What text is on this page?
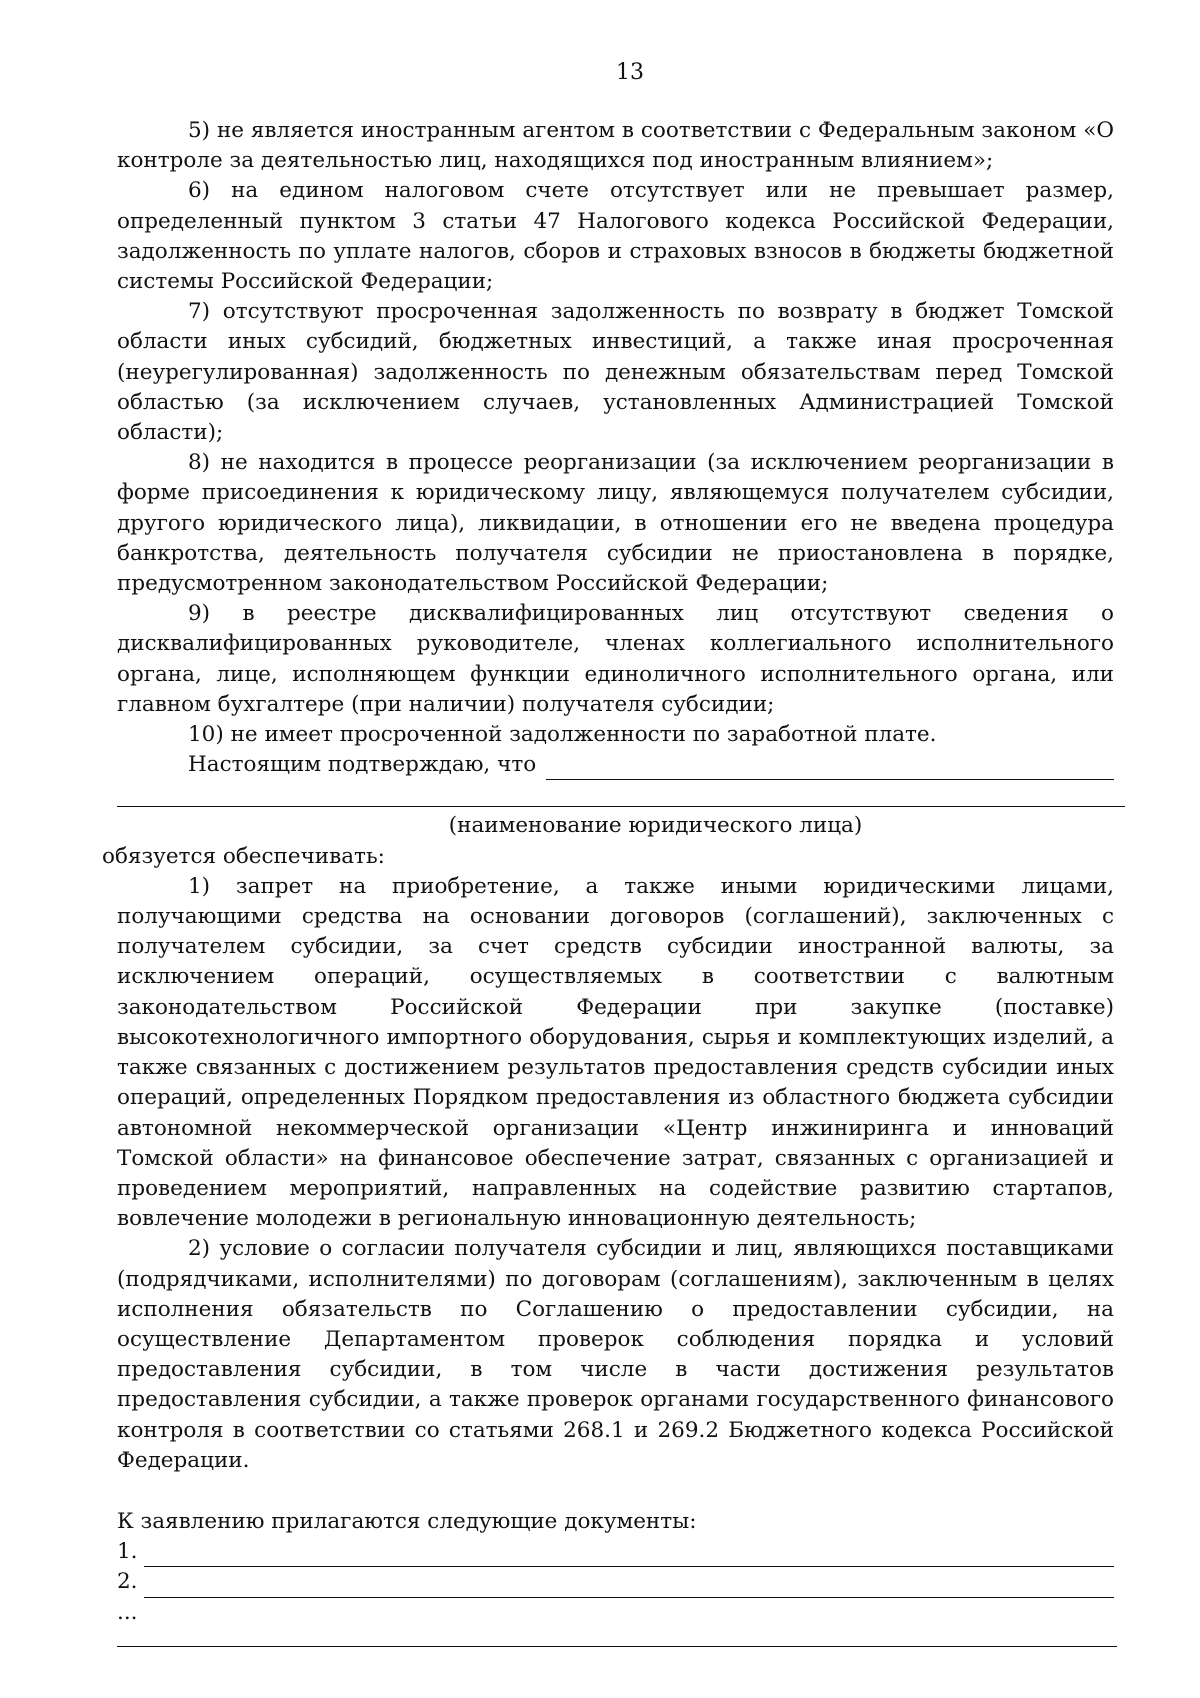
13

5) не является иностранным агентом в соответствии с Федеральным законом «О контроле за деятельностью лиц, находящихся под иностранным влиянием»;

6) на едином налоговом счете отсутствует или не превышает размер, определенный пунктом 3 статьи 47 Налогового кодекса Российской Федерации, задолженность по уплате налогов, сборов и страховых взносов в бюджеты бюджетной системы Российской Федерации;

7) отсутствуют просроченная задолженность по возврату в бюджет Томской области иных субсидий, бюджетных инвестиций, а также иная просроченная (неурегулированная) задолженность по денежным обязательствам перед Томской областью (за исключением случаев, установленных Администрацией Томской области);

8) не находится в процессе реорганизации (за исключением реорганизации в форме присоединения к юридическому лицу, являющемуся получателем субсидии, другого юридического лица), ликвидации, в отношении его не введена процедура банкротства, деятельность получателя субсидии не приостановлена в порядке, предусмотренном законодательством Российской Федерации;

9) в реестре дисквалифицированных лиц отсутствуют сведения о дисквалифицированных руководителе, членах коллегиального исполнительного органа, лице, исполняющем функции единоличного исполнительного органа, или главном бухгалтере (при наличии) получателя субсидии;

10) не имеет просроченной задолженности по заработной плате.

Настоящим подтверждаю, что
(наименование юридического лица)

обязуется обеспечивать:

1) запрет на приобретение, а также иными юридическими лицами, получающими средства на основании договоров (соглашений), заключенных с получателем субсидии, за счет средств субсидии иностранной валюты, за исключением операций, осуществляемых в соответствии с валютным законодательством Российской Федерации при закупке (поставке) высокотехнологичного импортного оборудования, сырья и комплектующих изделий, а также связанных с достижением результатов предоставления средств субсидии иных операций, определенных Порядком предоставления из областного бюджета субсидии автономной некоммерческой организации «Центр инжиниринга и инноваций Томской области» на финансовое обеспечение затрат, связанных с организацией и проведением мероприятий, направленных на содействие развитию стартапов, вовлечение молодежи в региональную инновационную деятельность;

2) условие о согласии получателя субсидии и лиц, являющихся поставщиками (подрядчиками, исполнителями) по договорам (соглашениям), заключенным в целях исполнения обязательств по Соглашению о предоставлении субсидии, на осуществление Департаментом проверок соблюдения порядка и условий предоставления субсидии, в том числе в части достижения результатов предоставления субсидии, а также проверок органами государственного финансового контроля в соответствии со статьями 268.1 и 269.2 Бюджетного кодекса Российской Федерации.

К заявлению прилагаются следующие документы:

1.
2.

...
